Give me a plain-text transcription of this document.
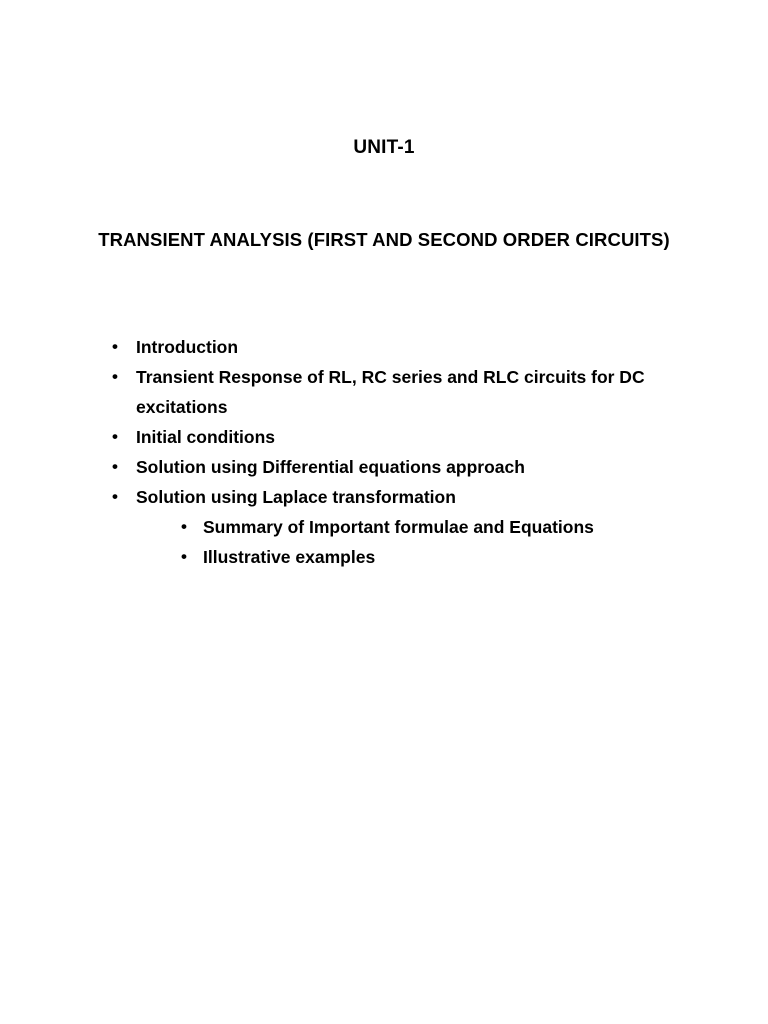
UNIT-1
TRANSIENT ANALYSIS (FIRST AND SECOND ORDER CIRCUITS)
• Introduction
• Transient Response of RL, RC series and RLC circuits for DC excitations
• Initial conditions
• Solution using Differential equations approach
• Solution using Laplace transformation
• Summary of Important formulae and Equations
• Illustrative examples
